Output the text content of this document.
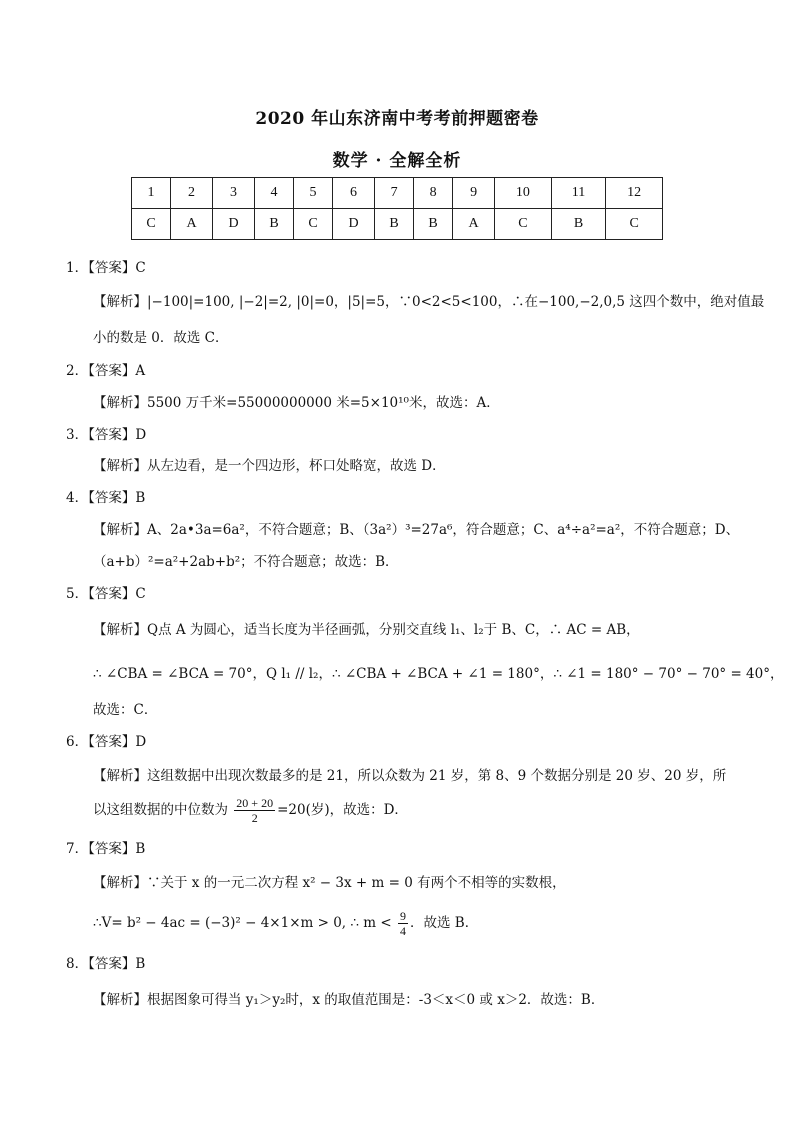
2020 年山东济南中考考前押题密卷
数学 · 全解全析
1	2	3	4	5	6	7	8	9	10	11	12
C	A	D	B	C	D	B	B	A	C	B	C
1．【答案】C
【解析】|−100|=100, |−2|=2, |0|=0，|5|=5，∵0<2<5<100，∴在−100,−2,0,5 这四个数中，绝对值最
小的数是 0．故选 C．
2．【答案】A
【解析】5500 万千米=55000000000 米=5×10¹⁰米，故选：A．
3．【答案】D
【解析】从左边看，是一个四边形，杯口处略宽，故选 D．
4．【答案】B
【解析】A、2a•3a=6a²，不符合题意；B、（3a²）³=27a⁶，符合题意；C、a⁴÷a²=a²，不符合题意；D、
（a+b）²=a²+2ab+b²；不符合题意；故选：B．
5．【答案】C
【解析】Q点 A 为圆心，适当长度为半径画弧，分别交直线 l₁、l₂于 B、C，∴ AC = AB，
∴ ∠CBA = ∠BCA = 70°，Q l₁ // l₂，∴ ∠CBA + ∠BCA + ∠1 = 180°，∴ ∠1 = 180° − 70° − 70° = 40°，
故选：C．
6．【答案】D
【解析】这组数据中出现次数最多的是 21，所以众数为 21 岁，第 8、9 个数据分别是 20 岁、20 岁，所
以这组数据的中位数为 $\frac{20 + 20}{2} =20$(岁)，故选：D．
7．【答案】B
【解析】∵关于 x 的一元二次方程 x² − 3x + m = 0 有两个不相等的实数根，
∴V= b² − 4ac = (−3)² − 4×1×m > 0, ∴ $m < \frac{9}{4}$ ．故选 B．
8．【答案】B
【解析】根据图象可得当 y₁＞y₂时，x 的取值范围是：-3＜x＜0 或 x＞2．故选：B．
